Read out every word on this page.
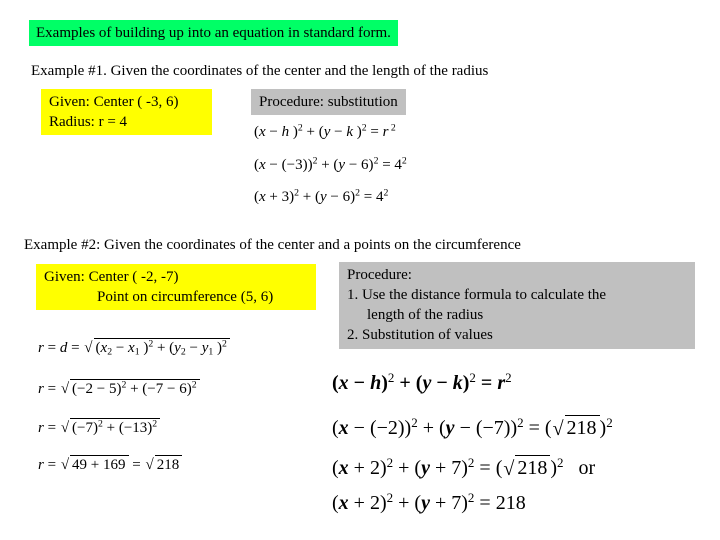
Examples of building up into an equation in standard form.
Example #1. Given the coordinates of the center and the length of the radius
Given: Center ( -3, 6)
Radius: r = 4
Procedure: substitution
(x − h )$^2$ + (y − k )$^2$ = r $^2$
$(x - (-3))^2 + (y - 6)^2 = 4^2$
$(x + 3)^2 + (y - 6)^2 = 4^2$
Example #2: Given the coordinates of the center and a points on the circumference
Given: Center ( -2, -7)
Point on circumference (5, 6)
Procedure:
1. Use the distance formula to calculate the
length of the radius
2. Substitution of values
r = d = √ ($x_2 - x_1$ )$^2 + (y_2 - y_1$ )$^2$
r = √ $(-2 - 5)^2 + (-7 - 6)^2$
r = √ $(-7)^2 + (-13)^2$
r = √ 49 + 169 = √ 218
$(x - h)^2 + (y - k)^2 = r^2$
$(x - (-2))^2 + (y - (-7))^2$ = (√ 218 )$^2$
$(x + 2)^2 + (y + 7)^2$ = (√ 218 )$^2$ or
$(x + 2)^2 + (y + 7)^2 = 218$
